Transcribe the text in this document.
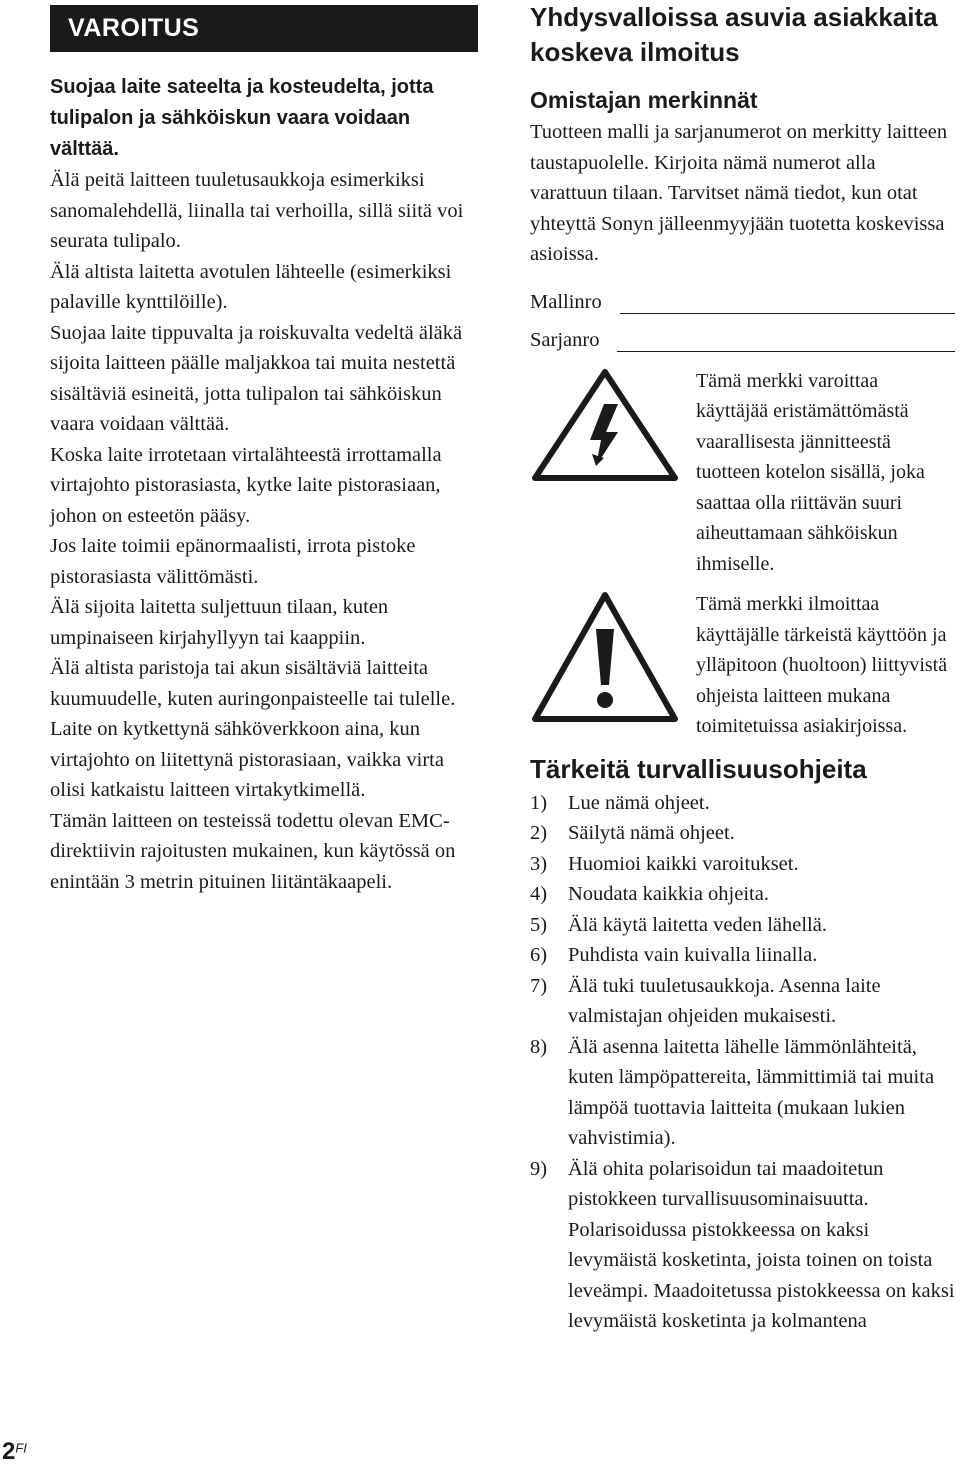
VAROITUS
Suojaa laite sateelta ja kosteudelta, jotta tulipalon ja sähköiskun vaara voidaan välttää.

Älä peitä laitteen tuuletusaukkoja esimerkiksi sanomalehdellä, liinalla tai verhoilla, sillä siitä voi seurata tulipalo.

Älä altista laitetta avotulen lähteelle (esimerkiksi palaville kynttilöille).

Suojaa laite tippuvalta ja roiskuvalta vedeltä äläkä sijoita laitteen päälle maljakkoa tai muita nestettä sisältäviä esineitä, jotta tulipalon tai sähköiskun vaara voidaan välttää.

Koska laite irrotetaan virtalähteestä irrottamalla virtajohto pistorasiasta, kytke laite pistorasiaan, johon on esteetön pääsy.

Jos laite toimii epänormaalisti, irrota pistoke pistorasiasta välittömästi.

Älä sijoita laitetta suljettuun tilaan, kuten umpinaiseen kirjahyllyyn tai kaappiin.

Älä altista paristoja tai akun sisältäviä laitteita kuumuudelle, kuten auringonpaisteelle tai tulelle.

Laite on kytkettynä sähköverkkoon aina, kun virtajohto on liitettynä pistorasiaan, vaikka virta olisi katkaistu laitteen virtakytkimellä.

Tämän laitteen on testeissä todettu olevan EMC-direktiivin rajoitusten mukainen, kun käytössä on enintään 3 metrin pituinen liitäntäkaapeli.

Yhdysvalloissa asuvia asiakkaita koskeva ilmoitus
Omistajan merkinnät

Tuotteen malli ja sarjanumerot on merkitty laitteen taustapuolelle. Kirjoita nämä numerot alla varattuun tilaan. Tarvitset nämä tiedot, kun otat yhteyttä Sonyn jälleenmyyjään tuotetta koskevissa asioissa.

Mallinro
Sarjanro
Tämä merkki varoittaa käyttäjää eristämättömästä vaarallisesta jännitteestä tuotteen kotelon sisällä, joka saattaa olla riittävän suuri aiheuttamaan sähköiskun ihmiselle.
Tämä merkki ilmoittaa käyttäjälle tärkeistä käyttöön ja ylläpitoon (huoltoon) liittyvistä ohjeista laitteen mukana toimitetuissa asiakirjoissa.
Tärkeitä turvallisuusohjeita
1)	Lue nämä ohjeet.
2)	Säilytä nämä ohjeet.
3)	Huomioi kaikki varoitukset.
4)	Noudata kaikkia ohjeita.
5)	Älä käytä laitetta veden lähellä.
6)	Puhdista vain kuivalla liinalla.
7)	Älä tuki tuuletusaukkoja. Asenna laite valmistajan ohjeiden mukaisesti.
8)	Älä asenna laitetta lähelle lämmönlähteitä, kuten lämpöpattereita, lämmittimiä tai muita lämpöä tuottavia laitteita (mukaan lukien vahvistimia).
9)	Älä ohita polarisoidun tai maadoitetun pistokkeen turvallisuusominaisuutta. Polarisoidussa pistokkeessa on kaksi levymäistä kosketinta, joista toinen on toista leveämpi. Maadoitetussa pistokkeessa on kaksi levymäistä kosketinta ja kolmantena
$2^{FI}$
